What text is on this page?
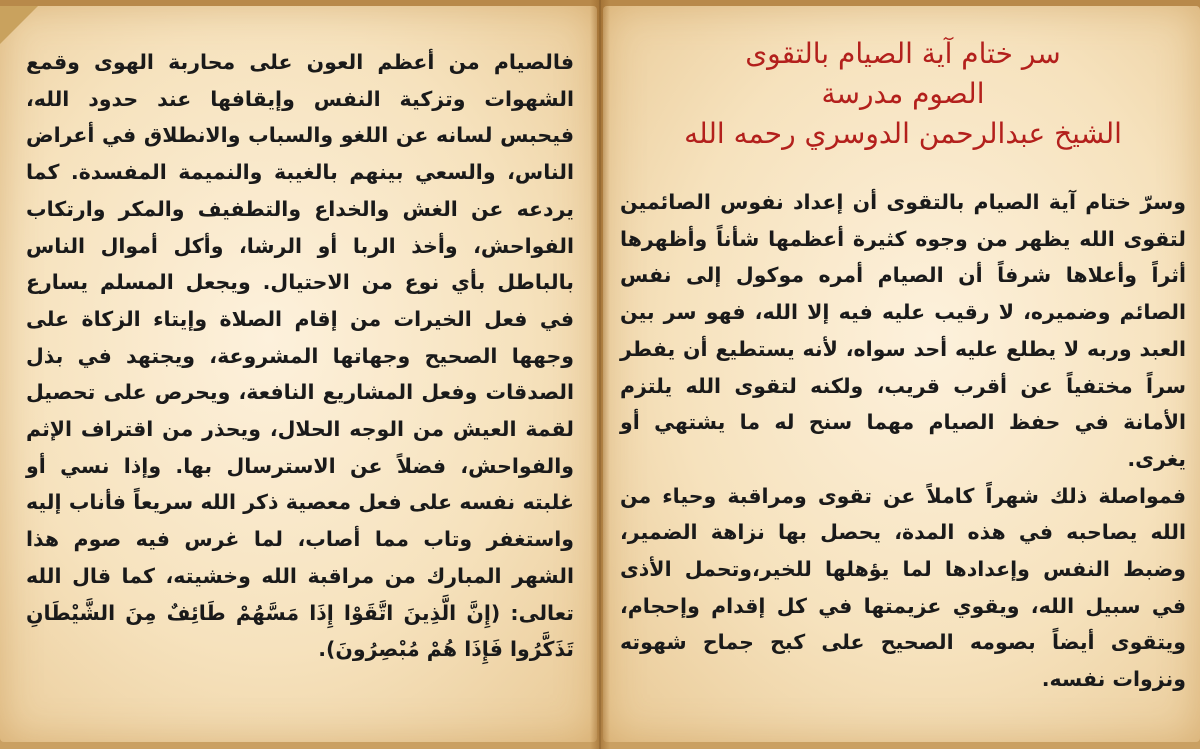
فالصيام من أعظم العون على محاربة الهوى وقمع الشهوات وتزكية النفس وإيقافها عند حدود الله، فيحبس لسانه عن اللغو والسباب والانطلاق في أعراض الناس، والسعي بينهم بالغيبة والنميمة المفسدة. كما يردعه عن الغش والخداع والتطفيف والمكر وارتكاب الفواحش، وأخذ الربا أو الرشا، وأكل أموال الناس بالباطل بأي نوع من الاحتيال. ويجعل المسلم يسارع في فعل الخيرات من إقام الصلاة وإيتاء الزكاة على وجهها الصحيح وجهاتها المشروعة، ويجتهد في بذل الصدقات وفعل المشاريع النافعة، ويحرص على تحصيل لقمة العيش من الوجه الحلال، ويحذر من اقتراف الإثم والفواحش، فضلاً عن الاسترسال بها. وإذا نسي أو غلبته نفسه على فعل معصية ذكر الله سريعاً فأناب إليه واستغفر وتاب مما أصاب، لما غرس فيه صوم هذا الشهر المبارك من مراقبة الله وخشيته، كما قال الله تعالى: (إِنَّ الَّذِينَ اتَّقَوْا إِذَا مَسَّهُمْ طَائِفٌ مِنَ الشَّيْطَانِ تَذَكَّرُوا فَإِذَا هُمْ مُبْصِرُونَ).
سر ختام آية الصيام بالتقوى
الصوم مدرسة
الشيخ عبدالرحمن الدوسري رحمه الله

وسرّ ختام آية الصيام بالتقوى أن إعداد نفوس الصائمين لتقوى الله يظهر من وجوه كثيرة أعظمها شأناً وأظهرها أثراً وأعلاها شرفاً أن الصيام أمره موكول إلى نفس الصائم وضميره، لا رقيب عليه فيه إلا الله، فهو سر بين العبد وربه لا يطلع عليه أحد سواه، لأنه يستطيع أن يفطر سراً مختفياً عن أقرب قريب، ولكنه لتقوى الله يلتزم الأمانة في حفظ الصيام مهما سنح له ما يشتهي أو يغرى.

فمواصلة ذلك شهراً كاملاً عن تقوى ومراقبة وحياء من الله يصاحبه في هذه المدة، يحصل بها نزاهة الضمير، وضبط النفس وإعدادها لما يؤهلها للخير،وتحمل الأذى في سبيل الله، ويقوي عزيمتها في كل إقدام وإحجام، ويتقوى أيضاً بصومه الصحيح على كبح جماح شهوته ونزوات نفسه.
